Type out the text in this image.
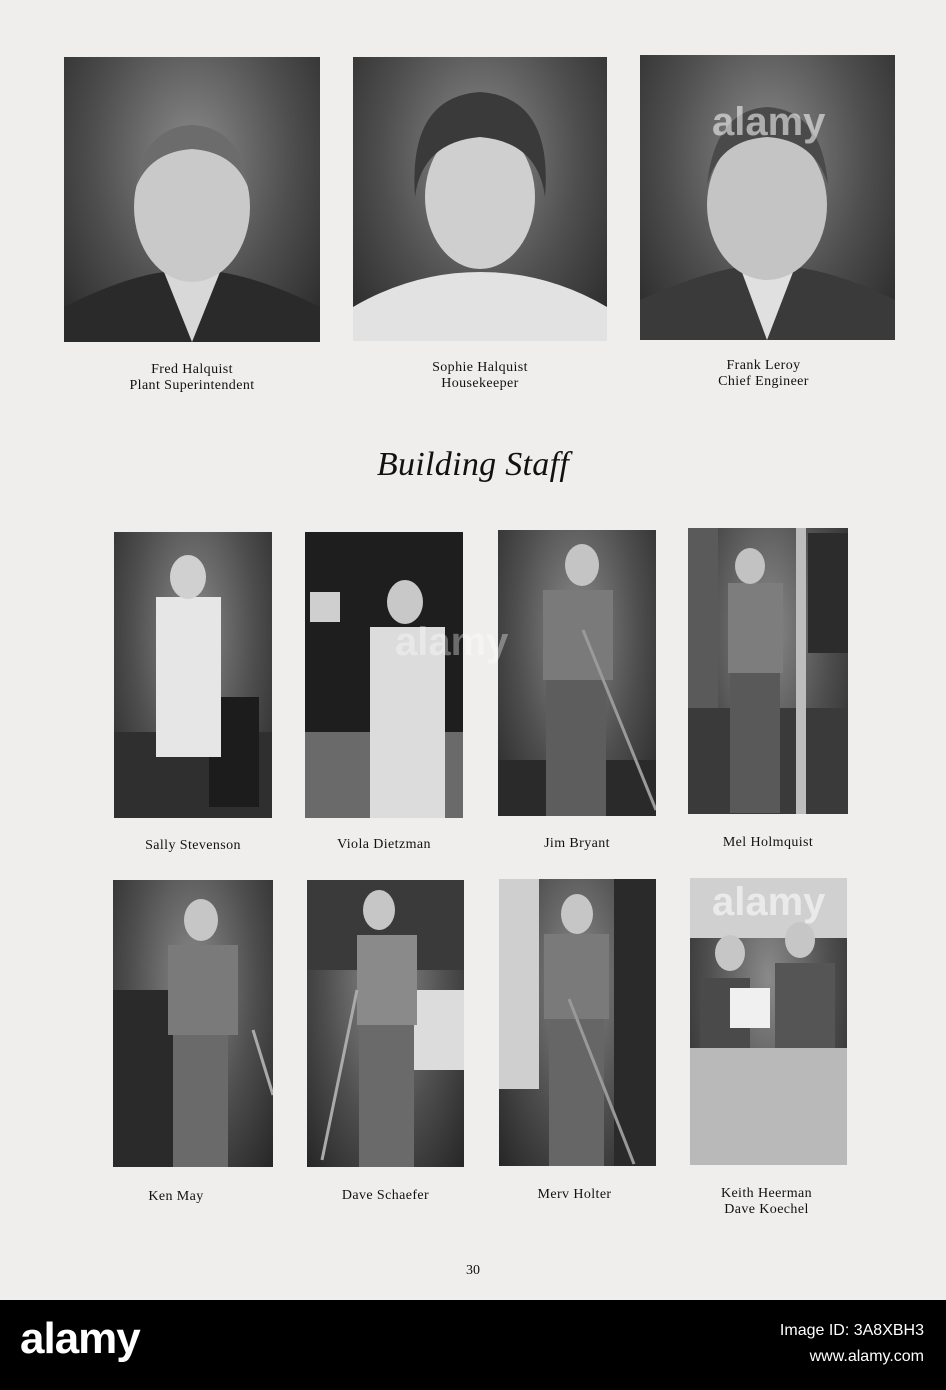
Fred Halquist
Plant Superintendent
Sophie Halquist
Housekeeper
Frank Leroy
Chief Engineer
Building Staff
Sally Stevenson	Viola Dietzman	Jim Bryant	Mel Holmquist
Ken May	Dave Schaefer	Merv Holter	Keith Heerman
Dave Koechel
30
alamy
alamy
alamy
alamy	Image ID: 3A8XBH3
www.alamy.com
